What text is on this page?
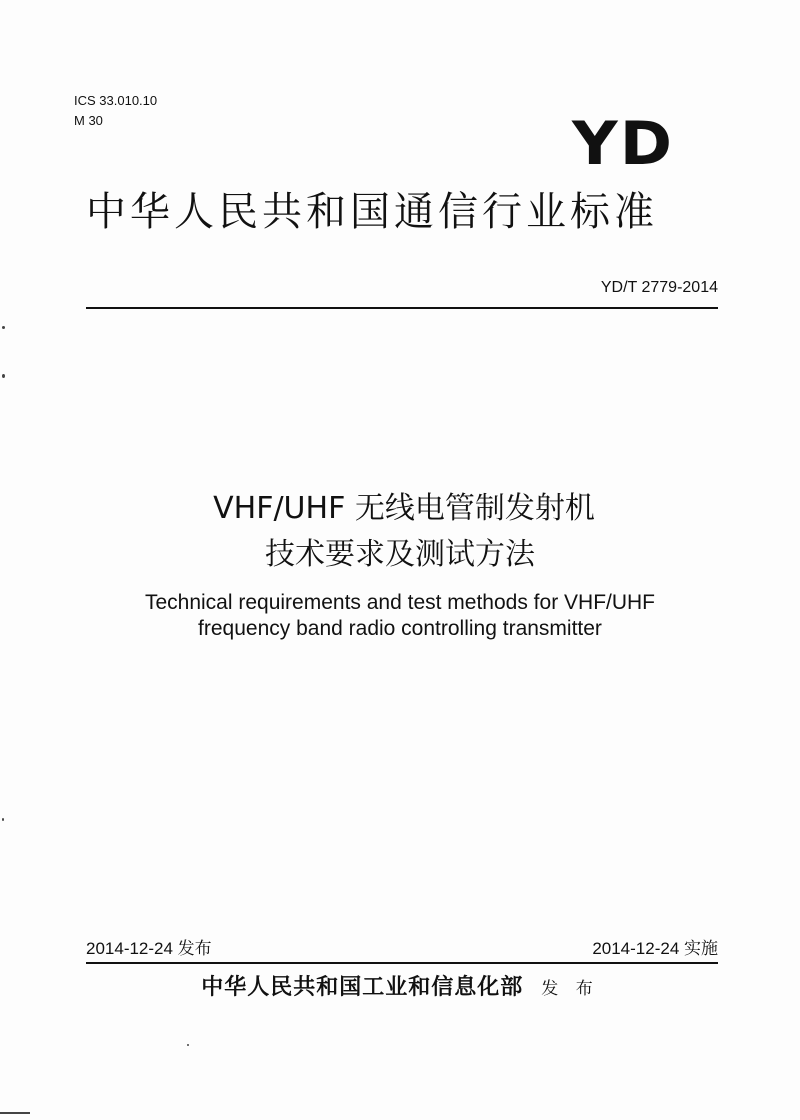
ICS 33.010.10
M 30	YD
中华人民共和国通信行业标准
YD/T 2779-2014
VHF/UHF 无线电管制发射机
技术要求及测试方法
Technical requirements and test methods for VHF/UHF
frequency band radio controlling transmitter
2014-12-24 发布	2014-12-24 实施
中华人民共和国工业和信息化部 发 布
